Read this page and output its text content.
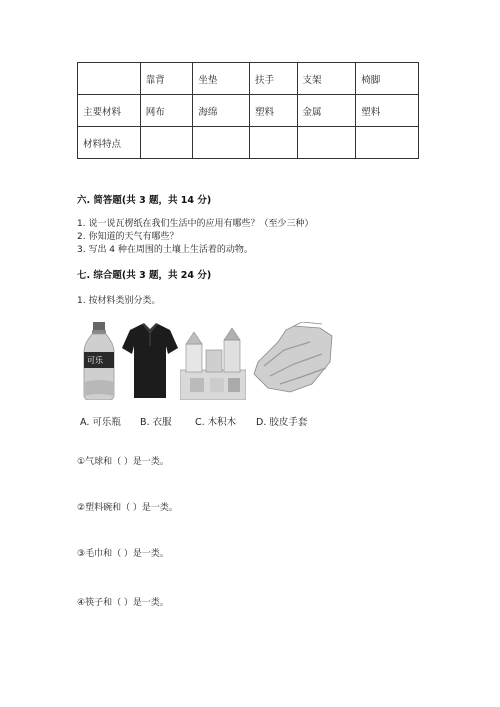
	靠背	坐垫	扶手	支架	椅脚
主要材料	网布	海绵	塑料	金属	塑料
材料特点					
六. 简答题(共 3 题，共 14 分)
1. 说一说瓦楞纸在我们生活中的应用有哪些？（至少三种）
2. 你知道的天气有哪些？
3. 写出 4 种在周围的土壤上生活着的动物。
七. 综合题(共 3 题，共 24 分)
1. 按材料类别分类。
可乐
A. 可乐瓶 B. 衣服 C. 木积木 D. 胶皮手套
①气球和（ ）是一类。
②塑料碗和（ ）是一类。
③毛巾和（ ）是一类。
④筷子和（ ）是一类。
